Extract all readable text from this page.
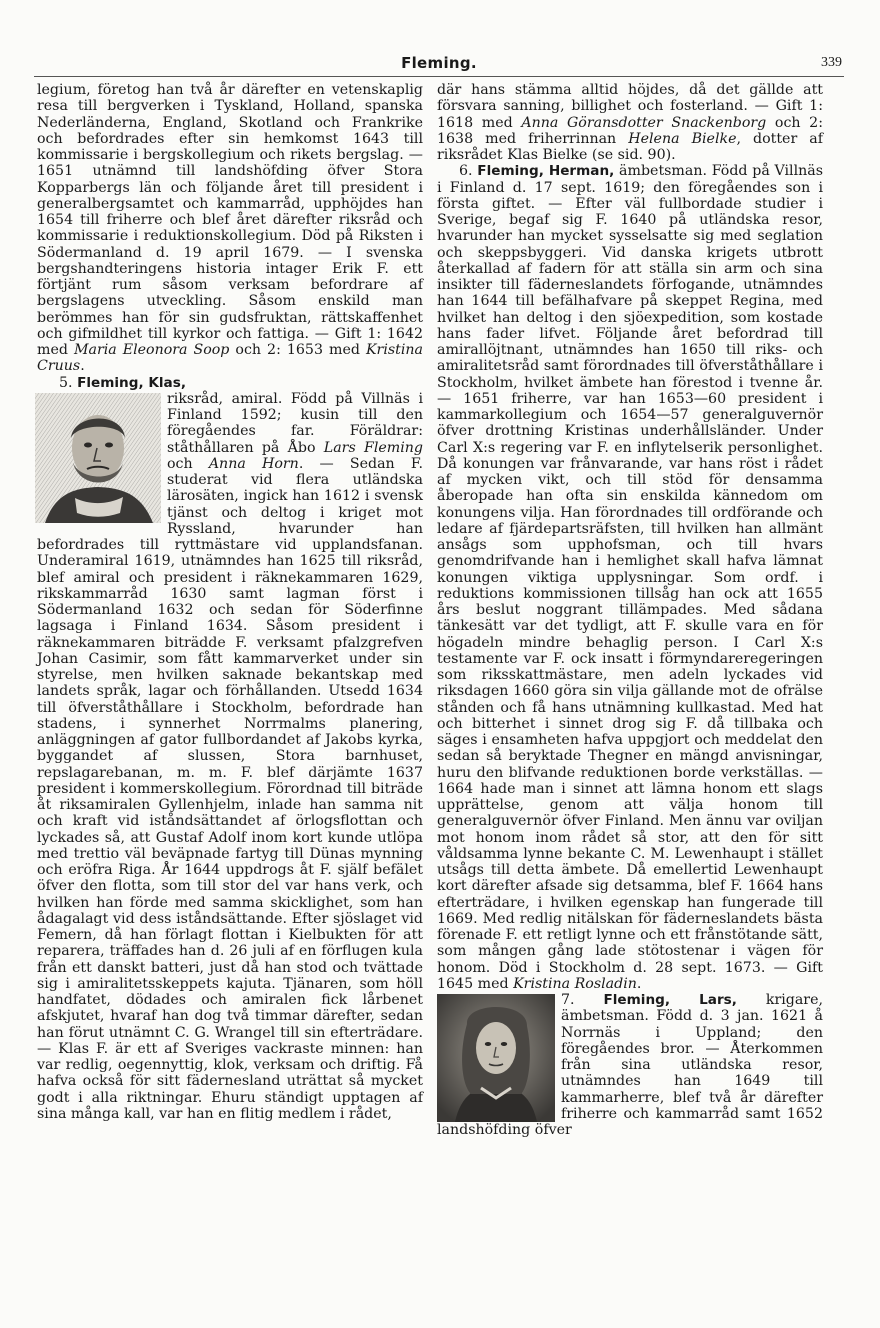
Fleming.	339

legium, företog han två år därefter en vetenskaplig resa till bergverken i Tyskland, Holland, spanska Nederländerna, England, Skotland och Frankrike och befordrades efter sin hemkomst 1643 till kommissarie i bergskollegium och rikets bergslag. — 1651 utnämnd till landshöfding öfver Stora Kopparbergs län och följande året till president i generalbergsamtet och kammarråd, upphöjdes han 1654 till friherre och blef året därefter riksråd och kommissarie i reduktionskollegium. Död på Riksten i Södermanland d. 19 april 1679. — I svenska bergshandteringens historia intager Erik F. ett förtjänt rum såsom verksam befordrare af bergslagens utveckling. Såsom enskild man berömmes han för sin gudsfruktan, rättskaffenhet och gifmildhet till kyrkor och fattiga. — Gift 1: 1642 med Maria Eleonora Soop och 2: 1653 med Kristina Cruus.

5. Fleming, Klas,

riksråd, amiral. Född på Villnäs i Finland 1592; kusin till den föregåendes far. Föräldrar: ståthållaren på Åbo Lars Fleming och Anna Horn. — Sedan F. studerat vid flera utländska lärosäten, ingick han 1612 i svensk tjänst och deltog i kriget mot Ryssland, hvarunder han befordrades till ryttmästare vid upplandsfanan. Underamiral 1619, utnämndes han 1625 till riksråd, blef amiral och president i räknekammaren 1629, rikskammarråd 1630 samt lagman först i Södermanland 1632 och sedan för Söderfinne lagsaga i Finland 1634. Såsom president i räknekammaren biträdde F. verksamt pfalzgrefven Johan Casimir, som fått kammarverket under sin styrelse, men hvilken saknade bekantskap med landets språk, lagar och förhållanden. Utsedd 1634 till öfverståthållare i Stockholm, befordrade han stadens, i synnerhet Norrmalms planering, anläggningen af gator fullbordandet af Jakobs kyrka, byggandet af slussen, Stora barnhuset, repslagarebanan, m. m. F. blef därjämte 1637 president i kommerskollegium. Förordnad till biträde åt riksamiralen Gyllenhjelm, inlade han samma nit och kraft vid iståndsättandet af örlogsflottan och lyckades så, att Gustaf Adolf inom kort kunde utlöpa med trettio väl beväpnade fartyg till Dünas mynning och eröfra Riga. År 1644 uppdrogs åt F. själf befälet öfver den flotta, som till stor del var hans verk, och hvilken han förde med samma skicklighet, som han ådagalagt vid dess iståndsättande. Efter sjöslaget vid Femern, då han förlagt flottan i Kielbukten för att reparera, träffades han d. 26 juli af en förflugen kula från ett danskt batteri, just då han stod och tvättade sig i amiralitetsskeppets kajuta. Tjänaren, som höll handfatet, dödades och amiralen fick lårbenet afskjutet, hvaraf han dog två timmar därefter, sedan han förut utnämnt C. G. Wrangel till sin efterträdare. — Klas F. är ett af Sveriges vackraste minnen: han var redlig, oegennyttig, klok, verksam och driftig. Få hafva också för sitt fädernesland uträttat så mycket godt i alla riktningar. Ehuru ständigt upptagen af sina många kall, var han en flitig medlem i rådet,

där hans stämma alltid höjdes, då det gällde att försvara sanning, billighet och fosterland. — Gift 1: 1618 med Anna Göransdotter Snackenborg och 2: 1638 med friherrinnan Helena Bielke, dotter af riksrådet Klas Bielke (se sid. 90).

6. Fleming, Herman, ämbetsman. Född på Villnäs i Finland d. 17 sept. 1619; den föregåendes son i första giftet. — Efter väl fullbordade studier i Sverige, begaf sig F. 1640 på utländska resor, hvarunder han mycket sysselsatte sig med seglation och skeppsbyggeri. Vid danska krigets utbrott återkallad af fadern för att ställa sin arm och sina insikter till fäderneslandets förfogande, utnämndes han 1644 till befälhafvare på skeppet Regina, med hvilket han deltog i den sjöexpedition, som kostade hans fader lifvet. Följande året befordrad till amirallöjtnant, utnämndes han 1650 till riks- och amiralitetsråd samt förordnades till öfverståthållare i Stockholm, hvilket ämbete han förestod i tvenne år. — 1651 friherre, var han 1653—60 president i kammarkollegium och 1654—57 generalguvernör öfver drottning Kristinas underhållsländer. Under Carl X:s regering var F. en inflytelserik personlighet. Då konungen var frånvarande, var hans röst i rådet af mycken vikt, och till stöd för densamma åberopade han ofta sin enskilda kännedom om konungens vilja. Han förordnades till ordförande och ledare af fjärdepartsräfsten, till hvilken han allmänt ansågs som upphofsman, och till hvars genomdrifvande han i hemlighet skall hafva lämnat konungen viktiga upplysningar. Som ordf. i reduktions kommissionen tillsåg han ock att 1655 års beslut noggrant tillämpades. Med sådana tänkesätt var det tydligt, att F. skulle vara en för högadeln mindre behaglig person. I Carl X:s testamente var F. ock insatt i förmyndareregeringen som riksskattmästare, men adeln lyckades vid riksdagen 1660 göra sin vilja gällande mot de ofrälse stånden och få hans utnämning kullkastad. Med hat och bitterhet i sinnet drog sig F. då tillbaka och säges i ensamheten hafva uppgjort och meddelat den sedan så beryktade Thegner en mängd anvisningar, huru den blifvande reduktionen borde verkställas. — 1664 hade man i sinnet att lämna honom ett slags upprättelse, genom att välja honom till generalguvernör öfver Finland. Men ännu var oviljan mot honom inom rådet så stor, att den för sitt våldsamma lynne bekante C. M. Lewenhaupt i stället utsågs till detta ämbete. Då emellertid Lewenhaupt kort därefter afsade sig detsamma, blef F. 1664 hans efterträdare, i hvilken egenskap han fungerade till 1669. Med redlig nitälskan för fäderneslandets bästa förenade F. ett retligt lynne och ett frånstötande sätt, som mången gång lade stötostenar i vägen för honom. Död i Stockholm d. 28 sept. 1673. — Gift 1645 med Kristina Rosladin.

7. Fleming, Lars, krigare, ämbetsman. Född d. 3 jan. 1621 å Norrnäs i Uppland; den föregåendes bror. — Återkommen från sina utländska resor, utnämndes han 1649 till kammarherre, blef två år därefter friherre och kammarråd samt 1652 landshöfding öfver
